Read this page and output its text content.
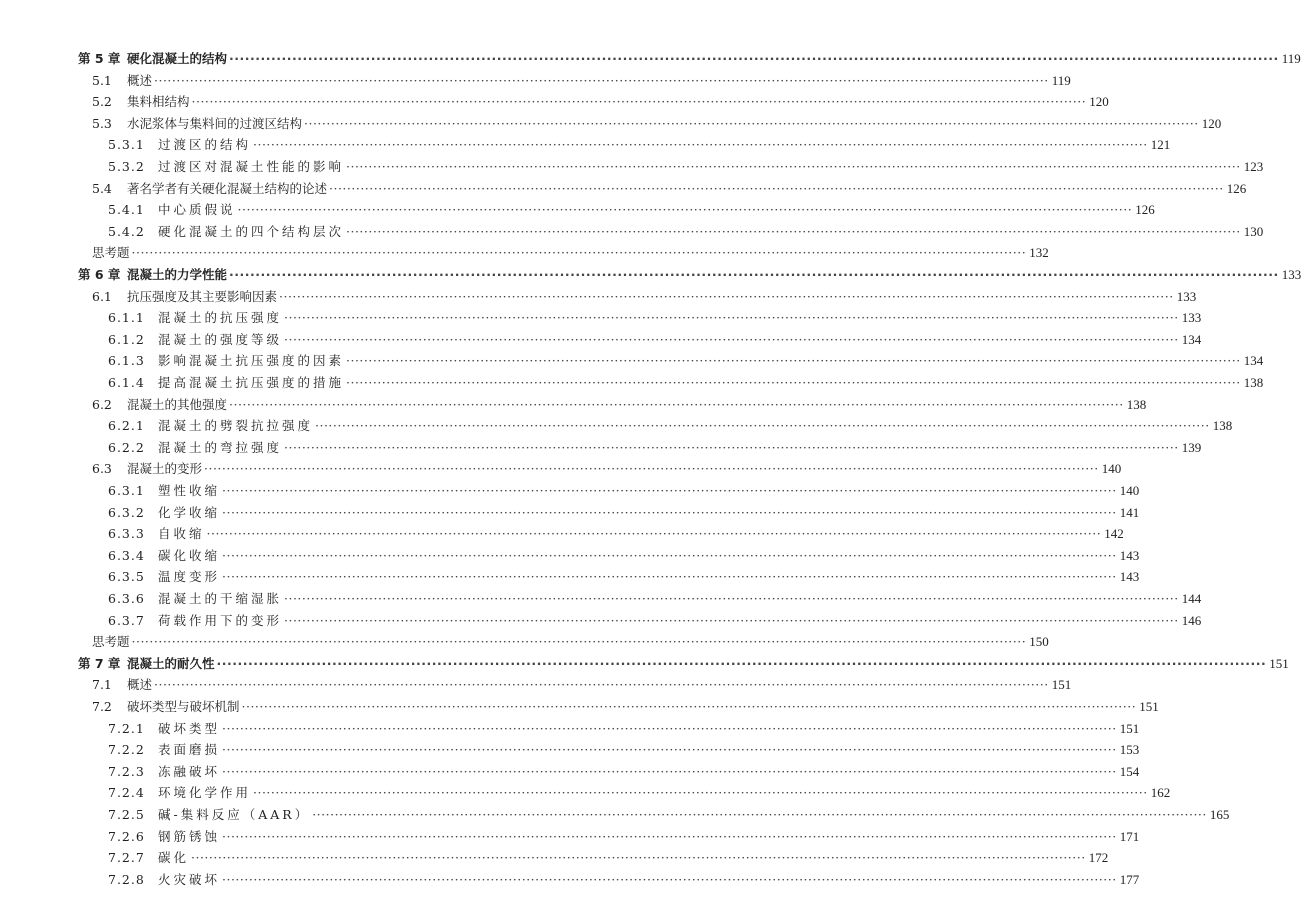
第 5 章 硬化混凝土的结构 ········································································································································································································ 119
5.1 概述 ········································································································································································································ 119
5.2 集料相结构 ········································································································································································································ 120
5.3 水泥浆体与集料间的过渡区结构 ········································································································································································································ 120
5.3.1 过渡区的结构 ········································································································································································································ 121
5.3.2 过渡区对混凝土性能的影响 ········································································································································································································ 123
5.4 著名学者有关硬化混凝土结构的论述 ········································································································································································································ 126
5.4.1 中心质假说 ········································································································································································································ 126
5.4.2 硬化混凝土的四个结构层次 ········································································································································································································ 130
思考题 ········································································································································································································ 132
第 6 章 混凝土的力学性能 ········································································································································································································ 133
6.1 抗压强度及其主要影响因素 ········································································································································································································ 133
6.1.1 混凝土的抗压强度 ········································································································································································································ 133
6.1.2 混凝土的强度等级 ········································································································································································································ 134
6.1.3 影响混凝土抗压强度的因素 ········································································································································································································ 134
6.1.4 提高混凝土抗压强度的措施 ········································································································································································································ 138
6.2 混凝土的其他强度 ········································································································································································································ 138
6.2.1 混凝土的劈裂抗拉强度 ········································································································································································································ 138
6.2.2 混凝土的弯拉强度 ········································································································································································································ 139
6.3 混凝土的变形 ········································································································································································································ 140
6.3.1 塑性收缩 ········································································································································································································ 140
6.3.2 化学收缩 ········································································································································································································ 141
6.3.3 自收缩 ········································································································································································································ 142
6.3.4 碳化收缩 ········································································································································································································ 143
6.3.5 温度变形 ········································································································································································································ 143
6.3.6 混凝土的干缩湿胀 ········································································································································································································ 144
6.3.7 荷载作用下的变形 ········································································································································································································ 146
思考题 ········································································································································································································ 150
第 7 章 混凝土的耐久性 ········································································································································································································ 151
7.1 概述 ········································································································································································································ 151
7.2 破坏类型与破坏机制 ········································································································································································································ 151
7.2.1 破坏类型 ········································································································································································································ 151
7.2.2 表面磨损 ········································································································································································································ 153
7.2.3 冻融破坏 ········································································································································································································ 154
7.2.4 环境化学作用 ········································································································································································································ 162
7.2.5 碱-集料反应（AAR） ········································································································································································································ 165
7.2.6 钢筋锈蚀 ········································································································································································································ 171
7.2.7 碳化 ········································································································································································································ 172
7.2.8 火灾破坏 ········································································································································································································ 177
